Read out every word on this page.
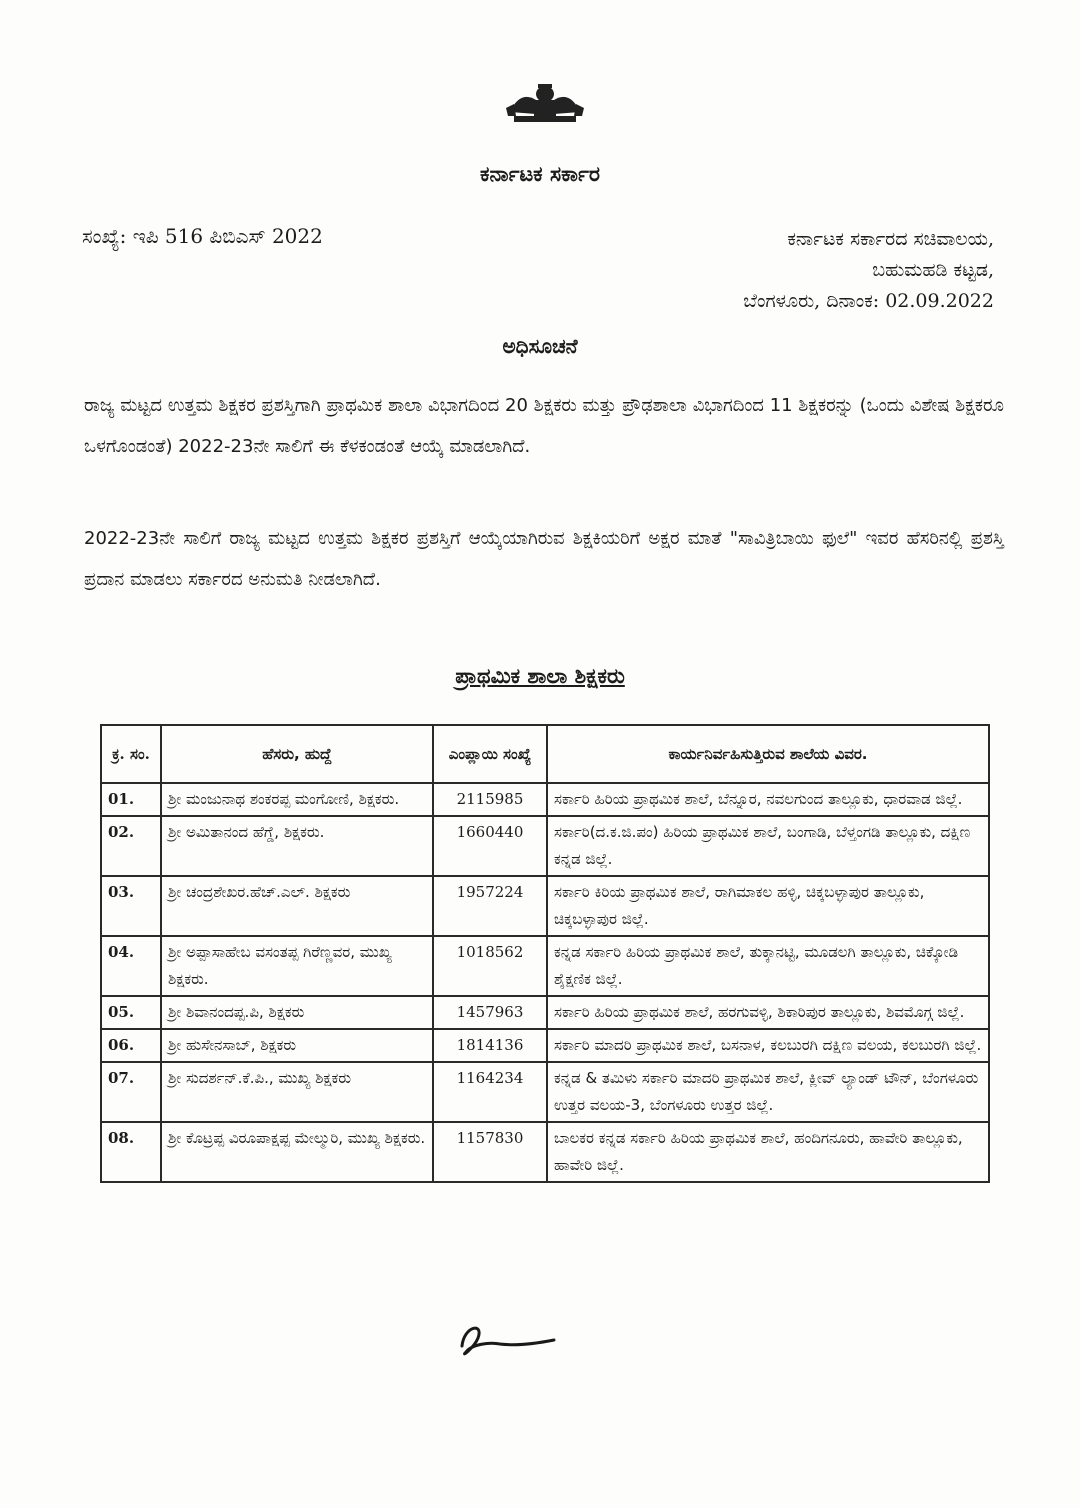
ಕರ್ನಾಟಕ ಸರ್ಕಾರ
ಸಂಖ್ಯೆ: ಇಪಿ 516 ಪಿಬಿಎಸ್ 2022	ಕರ್ನಾಟಕ ಸರ್ಕಾರದ ಸಚಿವಾಲಯ,
ಬಹುಮಹಡಿ ಕಟ್ಟಡ,
ಬೆಂಗಳೂರು, ದಿನಾಂಕ: 02.09.2022
ಅಧಿಸೂಚನೆ
ರಾಜ್ಯ ಮಟ್ಟದ ಉತ್ತಮ ಶಿಕ್ಷಕರ ಪ್ರಶಸ್ತಿಗಾಗಿ ಪ್ರಾಥಮಿಕ ಶಾಲಾ ವಿಭಾಗದಿಂದ 20 ಶಿಕ್ಷಕರು ಮತ್ತು ಪ್ರೌಢಶಾಲಾ ವಿಭಾಗದಿಂದ 11 ಶಿಕ್ಷಕರನ್ನು (ಒಂದು ವಿಶೇಷ ಶಿಕ್ಷಕರೂ ಒಳಗೊಂಡಂತೆ) 2022-23ನೇ ಸಾಲಿಗೆ ಈ ಕೆಳಕಂಡಂತೆ ಆಯ್ಕೆ ಮಾಡಲಾಗಿದೆ.
2022-23ನೇ ಸಾಲಿಗೆ ರಾಜ್ಯ ಮಟ್ಟದ ಉತ್ತಮ ಶಿಕ್ಷಕರ ಪ್ರಶಸ್ತಿಗೆ ಆಯ್ಕೆಯಾಗಿರುವ ಶಿಕ್ಷಕಿಯರಿಗೆ ಅಕ್ಷರ ಮಾತೆ "ಸಾವಿತ್ರಿಬಾಯಿ ಫುಲೆ" ಇವರ ಹೆಸರಿನಲ್ಲಿ ಪ್ರಶಸ್ತಿ ಪ್ರದಾನ ಮಾಡಲು ಸರ್ಕಾರದ ಅನುಮತಿ ನೀಡಲಾಗಿದೆ.
ಪ್ರಾಥಮಿಕ ಶಾಲಾ ಶಿಕ್ಷಕರು
ಕ್ರ. ಸಂ.	ಹೆಸರು, ಹುದ್ದೆ	ಎಂಪ್ಲಾಯಿ ಸಂಖ್ಯೆ	ಕಾರ್ಯನಿರ್ವಹಿಸುತ್ತಿರುವ ಶಾಲೆಯ ವಿವರ.
01.	ಶ್ರೀ ಮಂಜುನಾಥ ಶಂಕರಪ್ಪ ಮಂಗೋಣಿ, ಶಿಕ್ಷಕರು.	2115985	ಸರ್ಕಾರಿ ಹಿರಿಯ ಪ್ರಾಥಮಿಕ ಶಾಲೆ, ಬೆನ್ನೂರ, ನವಲಗುಂದ ತಾಲ್ಲೂಕು, ಧಾರವಾಡ ಜಿಲ್ಲೆ.
02.	ಶ್ರೀ ಅಮಿತಾನಂದ ಹೆಗ್ಡೆ, ಶಿಕ್ಷಕರು.	1660440	ಸರ್ಕಾರಿ(ದ.ಕ.ಜಿ.ಪಂ) ಹಿರಿಯ ಪ್ರಾಥಮಿಕ ಶಾಲೆ, ಬಂಗಾಡಿ, ಬೆಳ್ತಂಗಡಿ ತಾಲ್ಲೂಕು, ದಕ್ಷಿಣ ಕನ್ನಡ ಜಿಲ್ಲೆ.
03.	ಶ್ರೀ ಚಂದ್ರಶೇಖರ.ಹೆಚ್.ಎಲ್. ಶಿಕ್ಷಕರು	1957224	ಸರ್ಕಾರಿ ಕಿರಿಯ ಪ್ರಾಥಮಿಕ ಶಾಲೆ, ರಾಗಿಮಾಕಲ ಹಳ್ಳಿ, ಚಿಕ್ಕಬಳ್ಳಾಪುರ ತಾಲ್ಲೂಕು, ಚಿಕ್ಕಬಳ್ಳಾಪುರ ಜಿಲ್ಲೆ.
04.	ಶ್ರೀ ಅಪ್ಪಾಸಾಹೇಬ ವಸಂತಪ್ಪ ಗಿರೆಣ್ಣವರ, ಮುಖ್ಯ ಶಿಕ್ಷಕರು.	1018562	ಕನ್ನಡ ಸರ್ಕಾರಿ ಹಿರಿಯ ಪ್ರಾಥಮಿಕ ಶಾಲೆ, ತುಕ್ಕಾನಟ್ಟಿ, ಮೂಡಲಗಿ ತಾಲ್ಲೂಕು, ಚಿಕ್ಕೋಡಿ ಶೈಕ್ಷಣಿಕ ಜಿಲ್ಲೆ.
05.	ಶ್ರೀ ಶಿವಾನಂದಪ್ಪ.ಪಿ, ಶಿಕ್ಷಕರು	1457963	ಸರ್ಕಾರಿ ಹಿರಿಯ ಪ್ರಾಥಮಿಕ ಶಾಲೆ, ಹರಗುವಳ್ಳಿ, ಶಿಕಾರಿಪುರ ತಾಲ್ಲೂಕು, ಶಿವಮೊಗ್ಗ ಜಿಲ್ಲೆ.
06.	ಶ್ರೀ ಹುಸೇನಸಾಬ್, ಶಿಕ್ಷಕರು	1814136	ಸರ್ಕಾರಿ ಮಾದರಿ ಪ್ರಾಥಮಿಕ ಶಾಲೆ, ಬಸನಾಳ, ಕಲಬುರಗಿ ದಕ್ಷಿಣ ವಲಯ, ಕಲಬುರಗಿ ಜಿಲ್ಲೆ.
07.	ಶ್ರೀ ಸುದರ್ಶನ್.ಕೆ.ಪಿ., ಮುಖ್ಯ ಶಿಕ್ಷಕರು	1164234	ಕನ್ನಡ & ತಮಿಳು ಸರ್ಕಾರಿ ಮಾದರಿ ಪ್ರಾಥಮಿಕ ಶಾಲೆ, ಕ್ಲೀವ್ ಲ್ಯಾಂಡ್ ಟೌನ್, ಬೆಂಗಳೂರು ಉತ್ತರ ವಲಯ-3, ಬೆಂಗಳೂರು ಉತ್ತರ ಜಿಲ್ಲೆ.
08.	ಶ್ರೀ ಕೊಟ್ರಪ್ಪ ವಿರೂಪಾಕ್ಷಪ್ಪ ಮೇಲ್ಮುರಿ, ಮುಖ್ಯ ಶಿಕ್ಷಕರು.	1157830	ಬಾಲಕರ ಕನ್ನಡ ಸರ್ಕಾರಿ ಹಿರಿಯ ಪ್ರಾಥಮಿಕ ಶಾಲೆ, ಹಂದಿಗನೂರು, ಹಾವೇರಿ ತಾಲ್ಲೂಕು, ಹಾವೇರಿ ಜಿಲ್ಲೆ.
